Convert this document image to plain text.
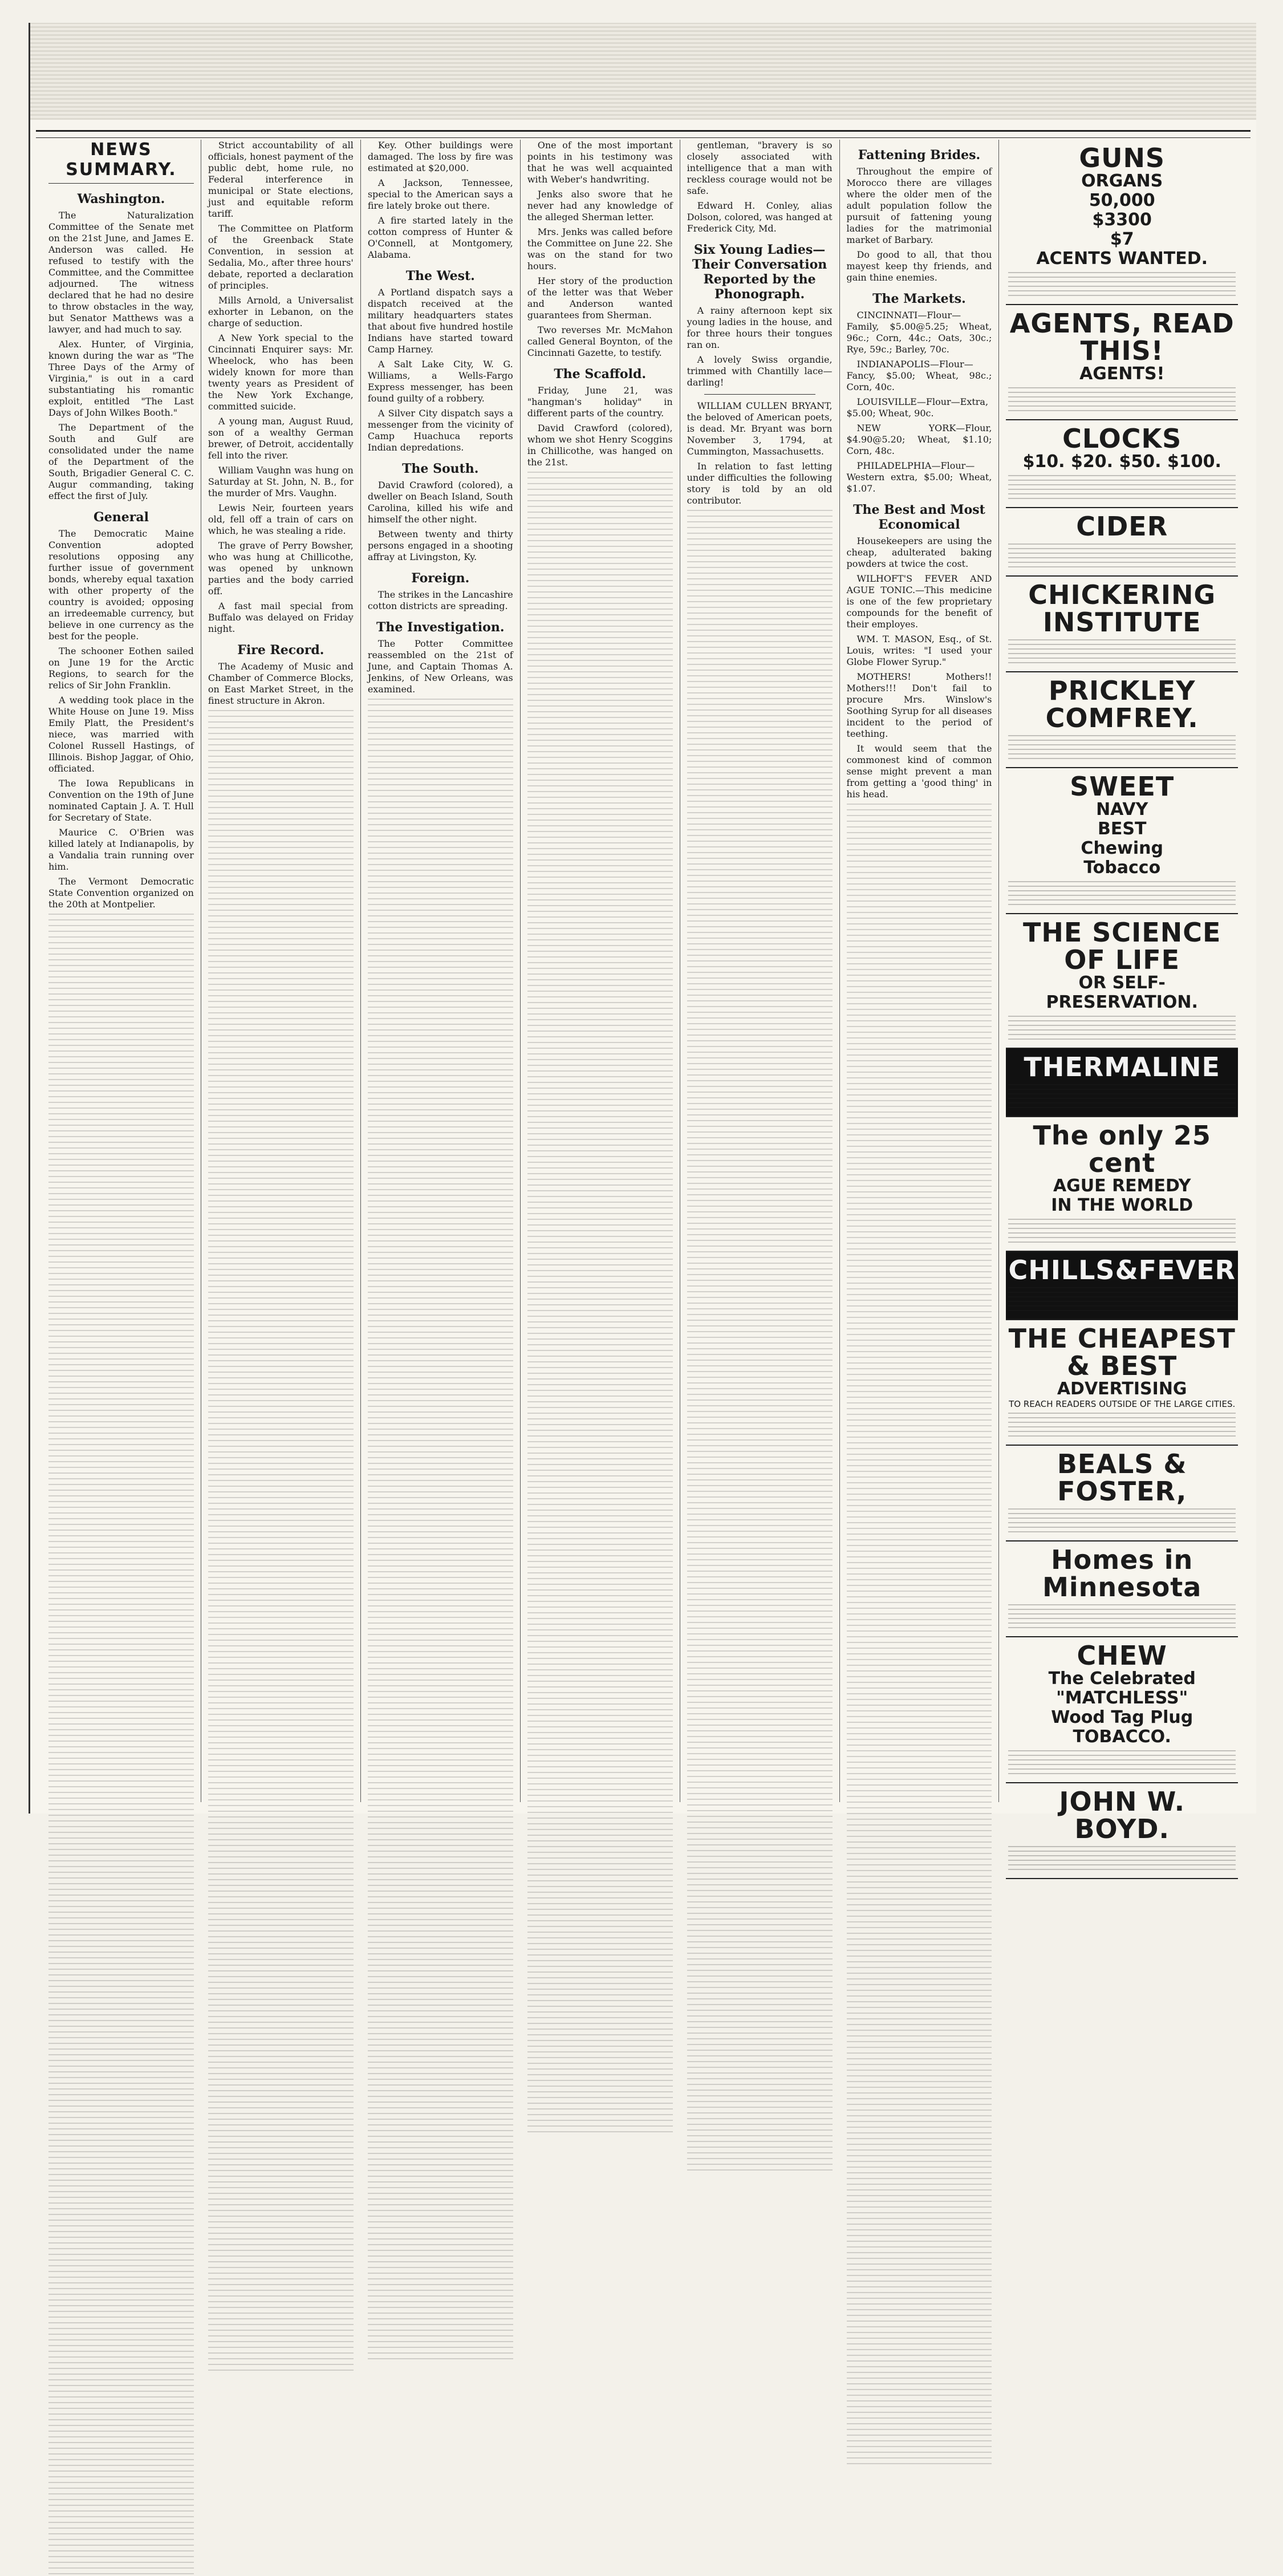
NEWS SUMMARY.
Washington.

The Naturalization Committee of the Senate met on the 21st June, and James E. Anderson was called. He refused to testify with the Committee, and the Committee adjourned. The witness declared that he had no desire to throw obstacles in the way, but Senator Matthews was a lawyer, and had much to say.

Alex. Hunter, of Virginia, known during the war as "The Three Days of the Army of Virginia," is out in a card substantiating his romantic exploit, entitled "The Last Days of John Wilkes Booth."

The Department of the South and Gulf are consolidated under the name of the Department of the South, Brigadier General C. C. Augur commanding, taking effect the first of July.

General

The Democratic Maine Convention adopted resolutions opposing any further issue of government bonds, whereby equal taxation with other property of the country is avoided; opposing an irredeemable currency, but believe in one currency as the best for the people.

The schooner Eothen sailed on June 19 for the Arctic Regions, to search for the relics of Sir John Franklin.

A wedding took place in the White House on June 19. Miss Emily Platt, the President's niece, was married with Colonel Russell Hastings, of Illinois. Bishop Jaggar, of Ohio, officiated.

The Iowa Republicans in Convention on the 19th of June nominated Captain J. A. T. Hull for Secretary of State.

Maurice C. O'Brien was killed lately at Indianapolis, by a Vandalia train running over him.

The Vermont Democratic State Convention organized on the 20th at Montpelier.

Strict accountability of all officials, honest payment of the public debt, home rule, no Federal interference in municipal or State elections, just and equitable reform tariff.

The Committee on Platform of the Greenback State Convention, in session at Sedalia, Mo., after three hours' debate, reported a declaration of principles.

Mills Arnold, a Universalist exhorter in Lebanon, on the charge of seduction.

A New York special to the Cincinnati Enquirer says: Mr. Wheelock, who has been widely known for more than twenty years as President of the New York Exchange, committed suicide.

A young man, August Ruud, son of a wealthy German brewer, of Detroit, accidentally fell into the river.

William Vaughn was hung on Saturday at St. John, N. B., for the murder of Mrs. Vaughn.

Lewis Neir, fourteen years old, fell off a train of cars on which, he was stealing a ride.

The grave of Perry Bowsher, who was hung at Chillicothe, was opened by unknown parties and the body carried off.

A fast mail special from Buffalo was delayed on Friday night.

Fire Record.

The Academy of Music and Chamber of Commerce Blocks, on East Market Street, in the finest structure in Akron.

Key. Other buildings were damaged. The loss by fire was estimated at $20,000.

A Jackson, Tennessee, special to the American says a fire lately broke out there.

A fire started lately in the cotton compress of Hunter & O'Connell, at Montgomery, Alabama.

The West.

A Portland dispatch says a dispatch received at the military headquarters states that about five hundred hostile Indians have started toward Camp Harney.

A Salt Lake City, W. G. Williams, a Wells-Fargo Express messenger, has been found guilty of a robbery.

A Silver City dispatch says a messenger from the vicinity of Camp Huachuca reports Indian depredations.

The South.

David Crawford (colored), a dweller on Beach Island, South Carolina, killed his wife and himself the other night.

Between twenty and thirty persons engaged in a shooting affray at Livingston, Ky.

Foreign.

The strikes in the Lancashire cotton districts are spreading.

The Investigation.

The Potter Committee reassembled on the 21st of June, and Captain Thomas A. Jenkins, of New Orleans, was examined.

One of the most important points in his testimony was that he was well acquainted with Weber's handwriting.

Jenks also swore that he never had any knowledge of the alleged Sherman letter.

Mrs. Jenks was called before the Committee on June 22. She was on the stand for two hours.

Her story of the production of the letter was that Weber and Anderson wanted guarantees from Sherman.

Two reverses Mr. McMahon called General Boynton, of the Cincinnati Gazette, to testify.

The Scaffold.

Friday, June 21, was "hangman's holiday" in different parts of the country.

David Crawford (colored), whom we shot Henry Scoggins in Chillicothe, was hanged on the 21st.

gentleman, "bravery is so closely associated with intelligence that a man with reckless courage would not be safe.

Edward H. Conley, alias Dolson, colored, was hanged at Frederick City, Md.

Six Young Ladies—Their Conversation Reported by the Phonograph.

A rainy afternoon kept six young ladies in the house, and for three hours their tongues ran on.

A lovely Swiss organdie, trimmed with Chantilly lace—darling!

WILLIAM CULLEN BRYANT, the beloved of American poets, is dead. Mr. Bryant was born November 3, 1794, at Cummington, Massachusetts.

In relation to fast letting under difficulties the following story is told by an old contributor.

Fattening Brides.

Throughout the empire of Morocco there are villages where the older men of the adult population follow the pursuit of fattening young ladies for the matrimonial market of Barbary.

Do good to all, that thou mayest keep thy friends, and gain thine enemies.

The Markets.

CINCINNATI—Flour—Family, $5.00@5.25; Wheat, 96c.; Corn, 44c.; Oats, 30c.; Rye, 59c.; Barley, 70c.

INDIANAPOLIS—Flour—Fancy, $5.00; Wheat, 98c.; Corn, 40c.

LOUISVILLE—Flour—Extra, $5.00; Wheat, 90c.

NEW YORK—Flour, $4.90@5.20; Wheat, $1.10; Corn, 48c.

PHILADELPHIA—Flour—Western extra, $5.00; Wheat, $1.07.

The Best and Most Economical

Housekeepers are using the cheap, adulterated baking powders at twice the cost.

WILHOFT'S FEVER AND AGUE TONIC.—This medicine is one of the few proprietary compounds for the benefit of their employes.

WM. T. MASON, Esq., of St. Louis, writes: "I used your Globe Flower Syrup."

MOTHERS! Mothers!! Mothers!!! Don't fail to procure Mrs. Winslow's Soothing Syrup for all diseases incident to the period of teething.

It would seem that the commonest kind of common sense might prevent a man from getting a 'good thing' in his head.

GUNS
ORGANS
50,000
$3300
$7
ACENTS WANTED.
AGENTS, READ THIS!
AGENTS!
CLOCKS
$10. $20. $50. $100.
CIDER
CHICKERING INSTITUTE
PRICKLEY COMFREY.
SWEET
NAVY
BEST
Chewing
Tobacco
THE SCIENCE OF LIFE
OR SELF-PRESERVATION.
THERMALINE
The only 25 cent
AGUE REMEDY
IN THE WORLD
CHILLS&FEVER
THE CHEAPEST & BEST
ADVERTISING
TO REACH READERS OUTSIDE OF THE LARGE CITIES.
BEALS & FOSTER,
Homes in Minnesota
CHEW
The Celebrated
"MATCHLESS"
Wood Tag Plug
TOBACCO.
JOHN W. BOYD.
